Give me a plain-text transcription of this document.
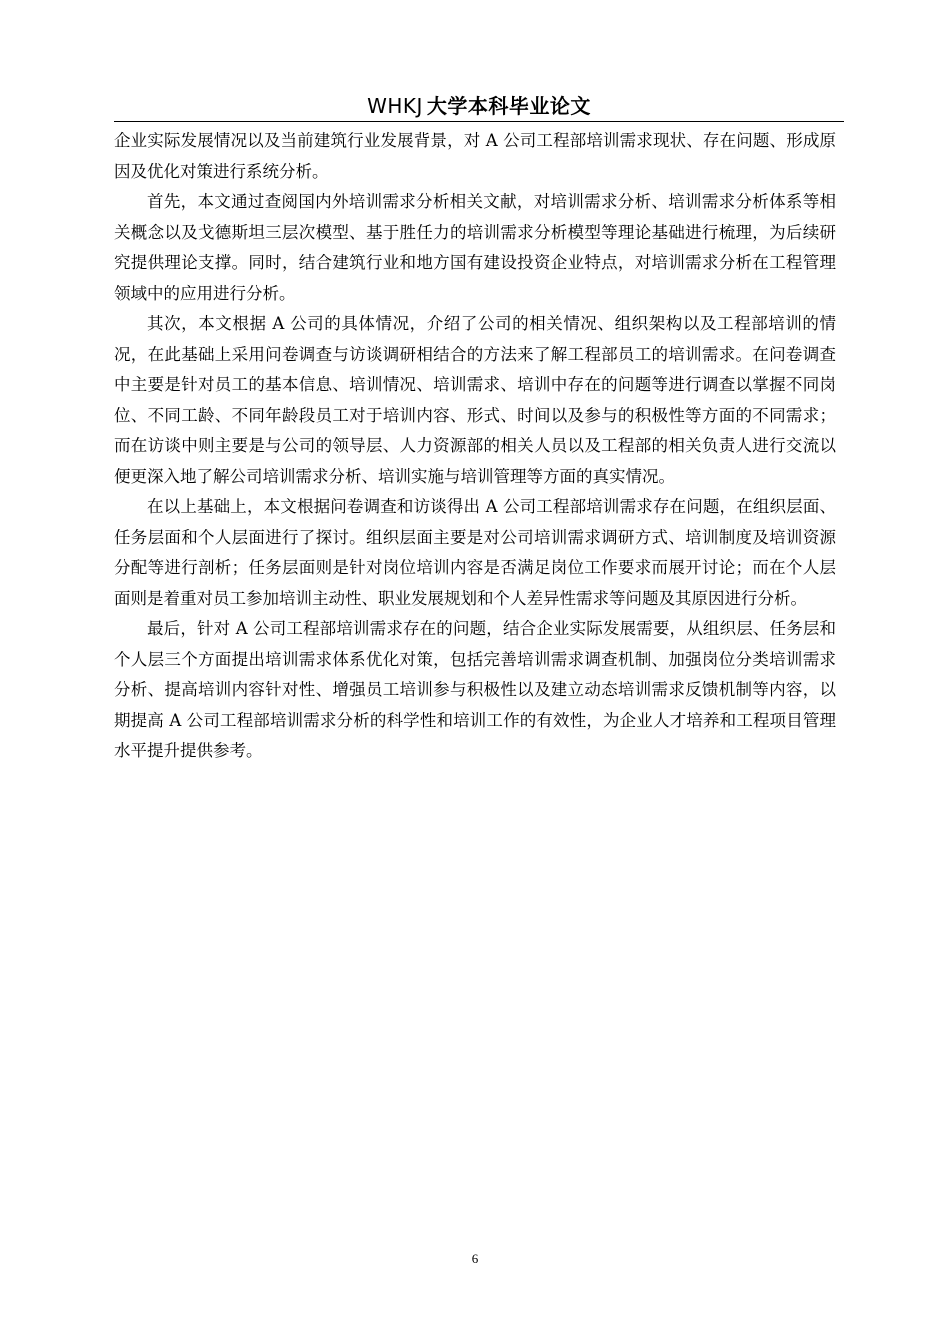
WHKJ 大学本科毕业论文

企业实际发展情况以及当前建筑行业发展背景，对 A 公司工程部培训需求现状、存在问题、形成原因及优化对策进行系统分析。

首先，本文通过查阅国内外培训需求分析相关文献，对培训需求分析、培训需求分析体系等相关概念以及戈德斯坦三层次模型、基于胜任力的培训需求分析模型等理论基础进行梳理，为后续研究提供理论支撑。同时，结合建筑行业和地方国有建设投资企业特点，对培训需求分析在工程管理领域中的应用进行分析。

其次，本文根据 A 公司的具体情况，介绍了公司的相关情况、组织架构以及工程部培训的情况，在此基础上采用问卷调查与访谈调研相结合的方法来了解工程部员工的培训需求。在问卷调查中主要是针对员工的基本信息、培训情况、培训需求、培训中存在的问题等进行调查以掌握不同岗位、不同工龄、不同年龄段员工对于培训内容、形式、时间以及参与的积极性等方面的不同需求；而在访谈中则主要是与公司的领导层、人力资源部的相关人员以及工程部的相关负责人进行交流以便更深入地了解公司培训需求分析、培训实施与培训管理等方面的真实情况。

在以上基础上，本文根据问卷调查和访谈得出 A 公司工程部培训需求存在问题，在组织层面、任务层面和个人层面进行了探讨。组织层面主要是对公司培训需求调研方式、培训制度及培训资源分配等进行剖析；任务层面则是针对岗位培训内容是否满足岗位工作要求而展开讨论；而在个人层面则是着重对员工参加培训主动性、职业发展规划和个人差异性需求等问题及其原因进行分析。

最后，针对 A 公司工程部培训需求存在的问题，结合企业实际发展需要，从组织层、任务层和个人层三个方面提出培训需求体系优化对策，包括完善培训需求调查机制、加强岗位分类培训需求分析、提高培训内容针对性、增强员工培训参与积极性以及建立动态培训需求反馈机制等内容，以期提高 A 公司工程部培训需求分析的科学性和培训工作的有效性，为企业人才培养和工程项目管理水平提升提供参考。

6
